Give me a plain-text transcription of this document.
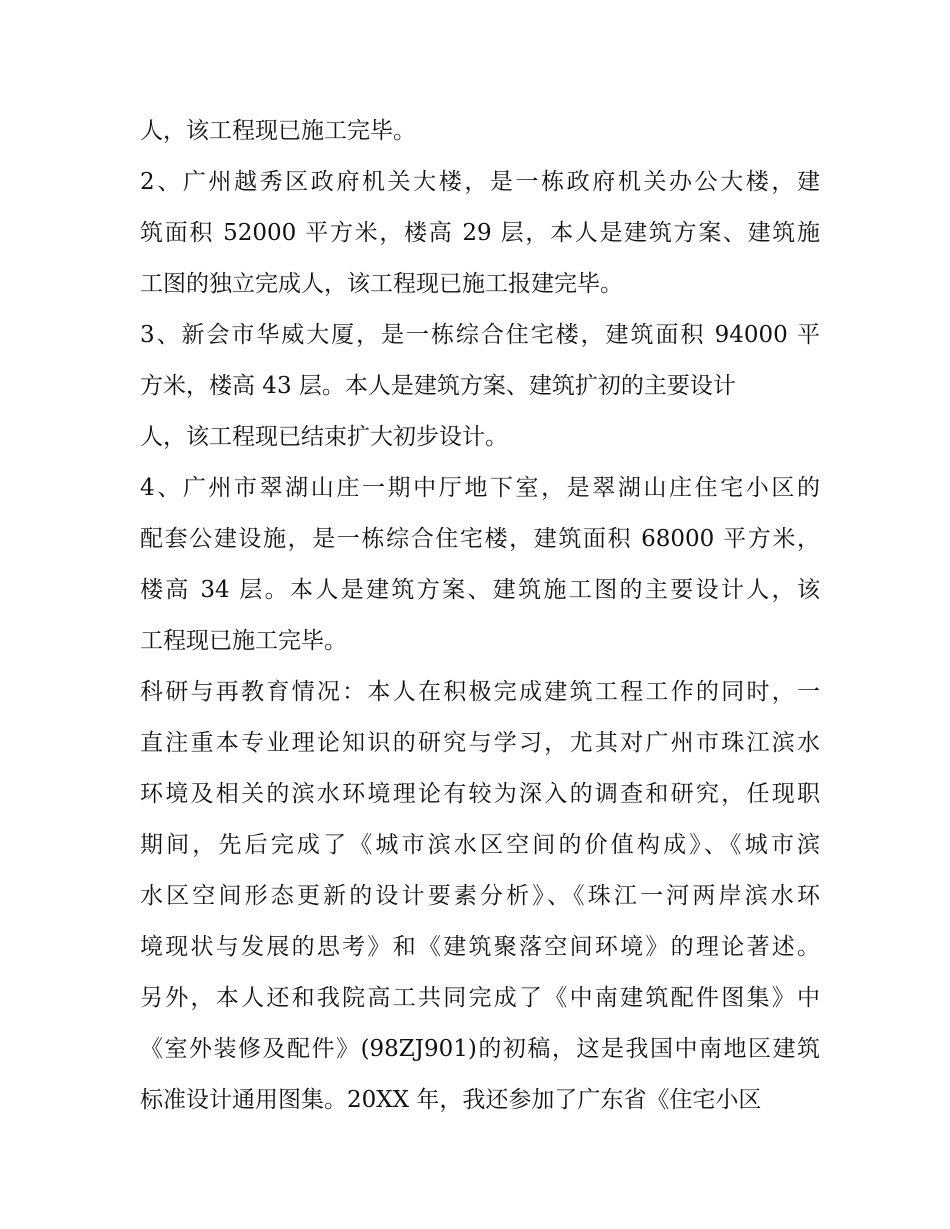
人，该工程现已施工完毕。
2、广州越秀区政府机关大楼，是一栋政府机关办公大楼，建
筑面积 52000 平方米，楼高 29 层，本人是建筑方案、建筑施
工图的独立完成人，该工程现已施工报建完毕。
3、新会市华威大厦，是一栋综合住宅楼，建筑面积 94000 平
方米，楼高 43 层。本人是建筑方案、建筑扩初的主要设计
人，该工程现已结束扩大初步设计。
4、广州市翠湖山庄一期中厅地下室，是翠湖山庄住宅小区的
配套公建设施，是一栋综合住宅楼，建筑面积 68000 平方米，
楼高 34 层。本人是建筑方案、建筑施工图的主要设计人，该
工程现已施工完毕。
科研与再教育情况：本人在积极完成建筑工程工作的同时，一
直注重本专业理论知识的研究与学习，尤其对广州市珠江滨水
环境及相关的滨水环境理论有较为深入的调查和研究，任现职
期间，先后完成了《城市滨水区空间的价值构成》、《城市滨
水区空间形态更新的设计要素分析》、《珠江一河两岸滨水环
境现状与发展的思考》和《建筑聚落空间环境》的理论著述。
另外，本人还和我院高工共同完成了《中南建筑配件图集》中
《室外装修及配件》(98ZJ901)的初稿，这是我国中南地区建筑
标准设计通用图集。20XX 年，我还参加了广东省《住宅小区
